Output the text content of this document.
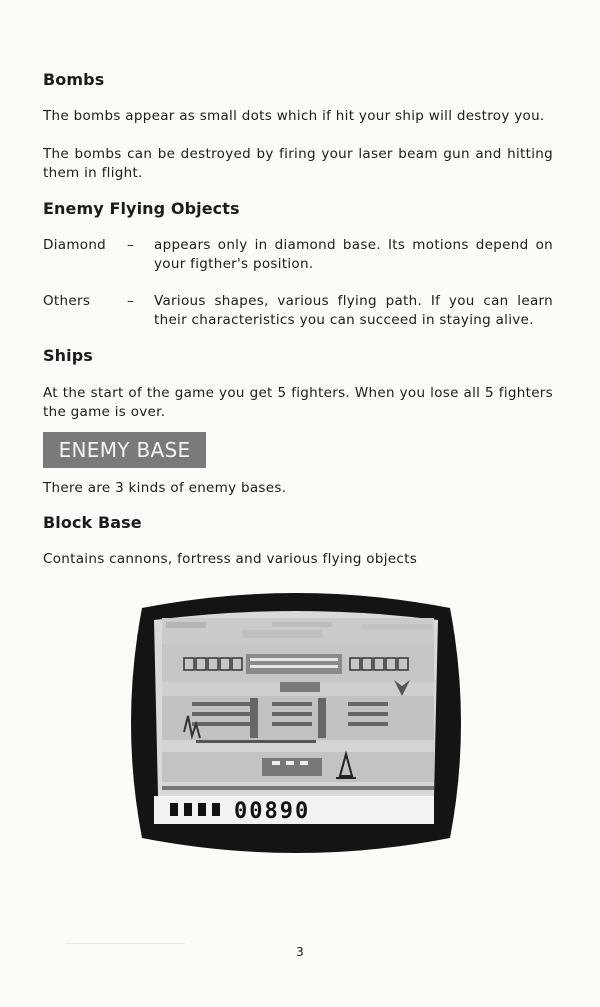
Bombs
The bombs appear as small dots which if hit your ship will destroy you.
The bombs can be destroyed by firing your laser beam gun and hitting them in flight.
Enemy Flying Objects
Diamond – appears only in diamond base. Its motions depend on your figther's position.
Others	– Various shapes, various flying path. If you can learn their characteristics you can succeed in staying alive.
Ships
At the start of the game you get 5 fighters. When you lose all 5 fighters the game is over.
ENEMY BASE
There are 3 kinds of enemy bases.
Block Base
Contains cannons, fortress and various flying objects
00890
3
